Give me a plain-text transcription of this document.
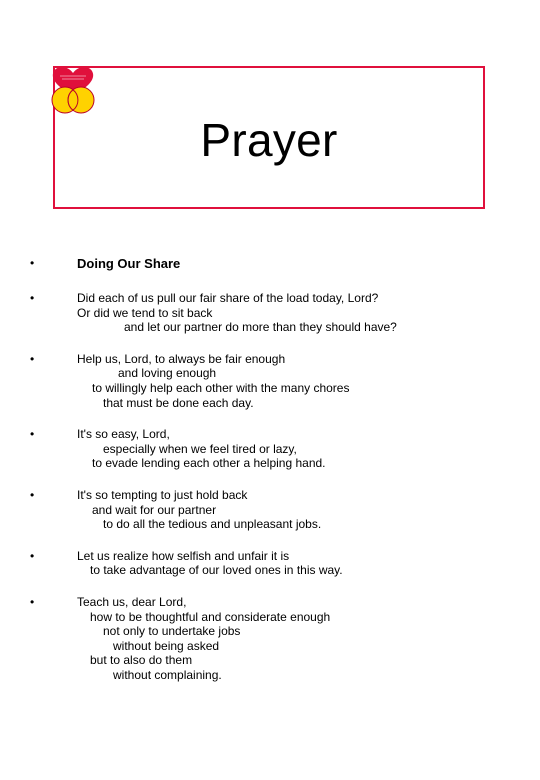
Prayer
•	Doing Our Share
•	Did each of us pull our fair share of the load today, Lord?
Or did we tend to sit back
and let our partner do more than they should have?
•	Help us, Lord, to always be fair enough
and loving enough
to willingly help each other with the many chores
that must be done each day.
•	It's so easy, Lord,
especially when we feel tired or lazy,
to evade lending each other a helping hand.
•	It's so tempting to just hold back
and wait for our partner
to do all the tedious and unpleasant jobs.
•	Let us realize how selfish and unfair it is
to take advantage of our loved ones in this way.
•	Teach us, dear Lord,
how to be thoughtful and considerate enough
not only to undertake jobs
without being asked
but to also do them
without complaining.
